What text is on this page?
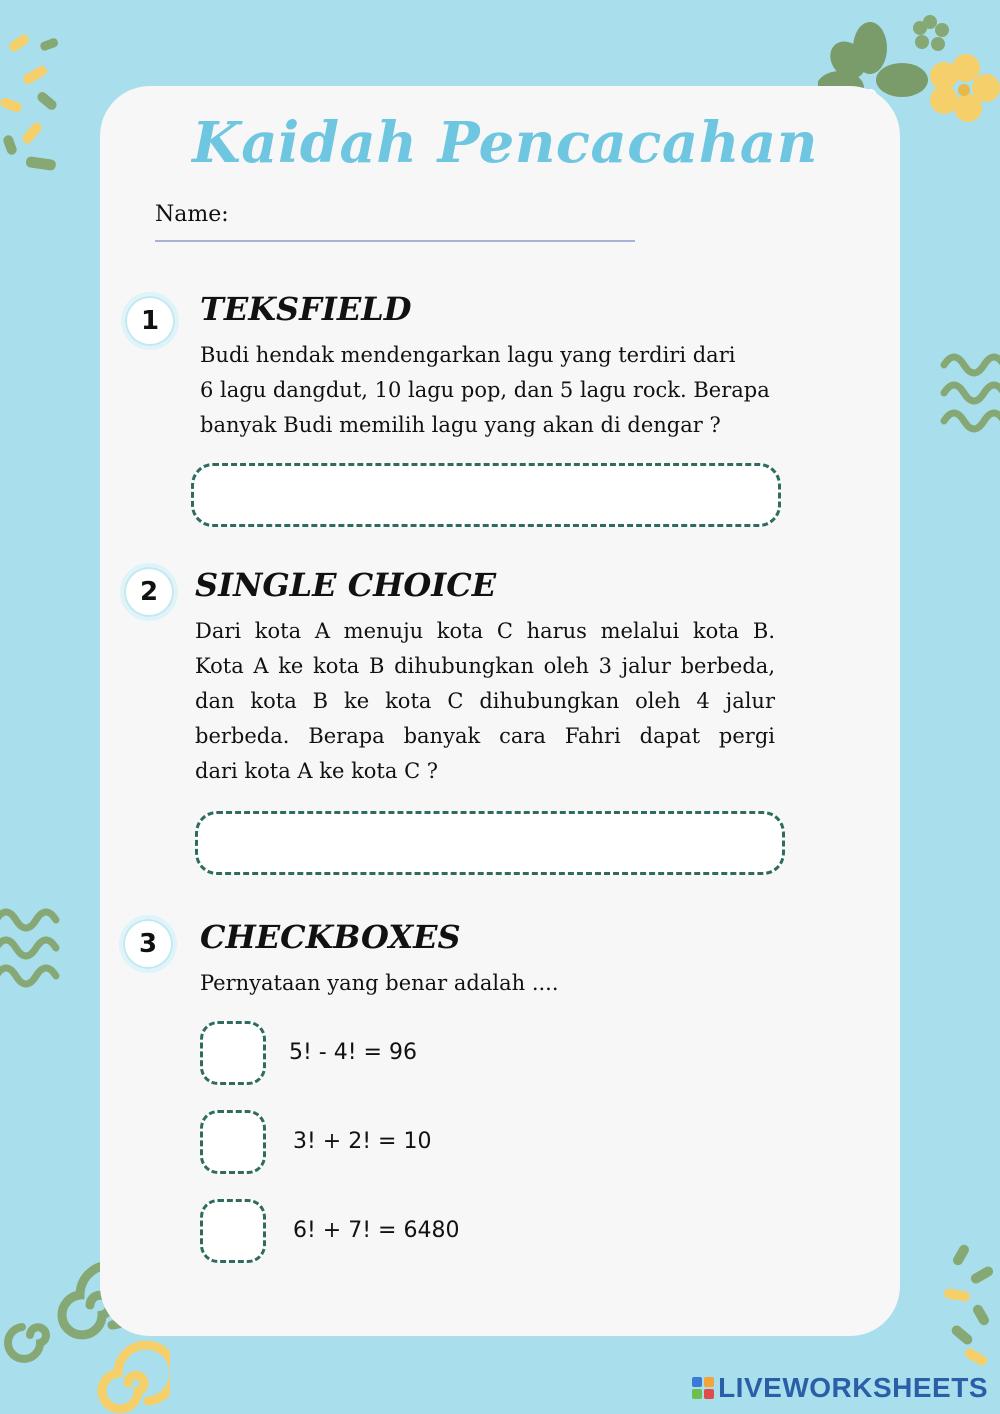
Kaidah Pencacahan
Name:
1	TEKSFIELD
Budi hendak mendengarkan lagu yang terdiri dari
6 lagu dangdut, 10 lagu pop, dan 5 lagu rock. Berapa
banyak Budi memilih lagu yang akan di dengar ?
2	SINGLE CHOICE
Dari kota A menuju kota C harus melalui kota B.
Kota A ke kota B dihubungkan oleh 3 jalur berbeda,
dan kota B ke kota C dihubungkan oleh 4 jalur
berbeda. Berapa banyak cara Fahri dapat pergi
dari kota A ke kota C ?
3	CHECKBOXES
Pernyataan yang benar adalah ....
5! - 4! = 96
3! + 2! = 10
6! + 7! = 6480
LIVEWORKSHEETS
